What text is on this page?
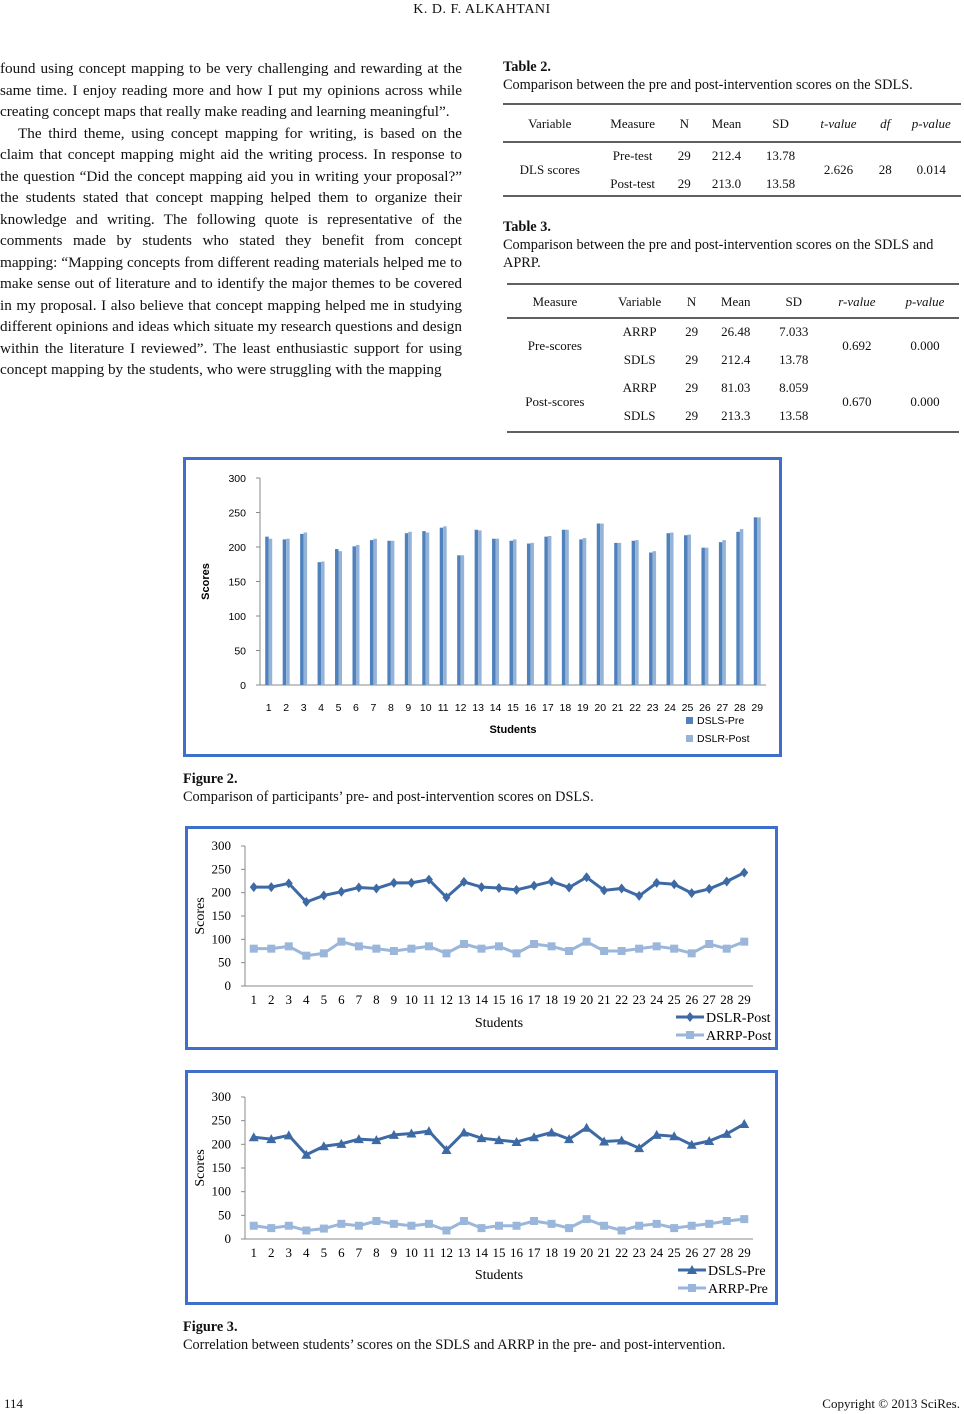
K. D. F. ALKAHTANI

found using concept mapping to be very challenging and rewarding at the same time. I enjoy reading more and how I put my opinions across while creating concept maps that really make reading and learning meaningful”.

The third theme, using concept mapping for writing, is based on the claim that concept mapping might aid the writing process. In response to the question “Did the concept mapping aid you in writing your proposal?” the students stated that concept mapping helped them to organize their knowledge and writing. The following quote is representative of the comments made by students who stated they benefit from concept mapping: “Mapping concepts from different reading materials helped me to make sense out of literature and to identify the major themes to be covered in my proposal. I also believe that concept mapping helped me in studying different opinions and ideas which situate my research questions and design within the literature I reviewed”. The least enthusiastic support for using concept mapping by the students, who were struggling with the mapping

Table 2.
Comparison between the pre and post-intervention scores on the SDLS.
Variable	Measure	N	Mean	SD	t-value	df	p-value
DLS scores	Pre-test	29	212.4	13.78	2.626	28	0.014
	Post-test	29	213.0	13.58			
Table 3.
Comparison between the pre and post-intervention scores on the SDLS and APRP.
Measure	Variable	N	Mean	SD	r-value	p-value
Pre-scores	ARRP	29	26.48	7.033	0.692	0.000
	SDLS	29	212.4	13.78		
Post-scores	ARRP	29	81.03	8.059	0.670	0.000
	SDLS	29	213.3	13.58		
0
50
100
150
200
250
300
1 2 3 4 5 6 7 8 9 10 11 12 13 14 15 16 17 18 19 20 21 22 23 24 25 26 27 28 29
Scores
Students
DSLS-Pre
DSLR-Post
Figure 2.
Comparison of participants’ pre- and post-intervention scores on DSLS.
0
50
100
150
200
250
300
1 2 3 4 5 6 7 8 9 10 11 12 13 14 15 16 17 18 19 20 21 22 23 24 25 26 27 28 29
Scores
Students	DSLR-Post
ARRP-Post
0
50
100
150
200
250
300
1 2 3 4 5 6 7 8 9 10 11 12 13 14 15 16 17 18 19 20 21 22 23 24 25 26 27 28 29
Scores
Students	DSLS-Pre
ARRP-Pre
Figure 3.
Correlation between students’ scores on the SDLS and ARRP in the pre- and post-intervention.
114	Copyright © 2013 SciRes.
